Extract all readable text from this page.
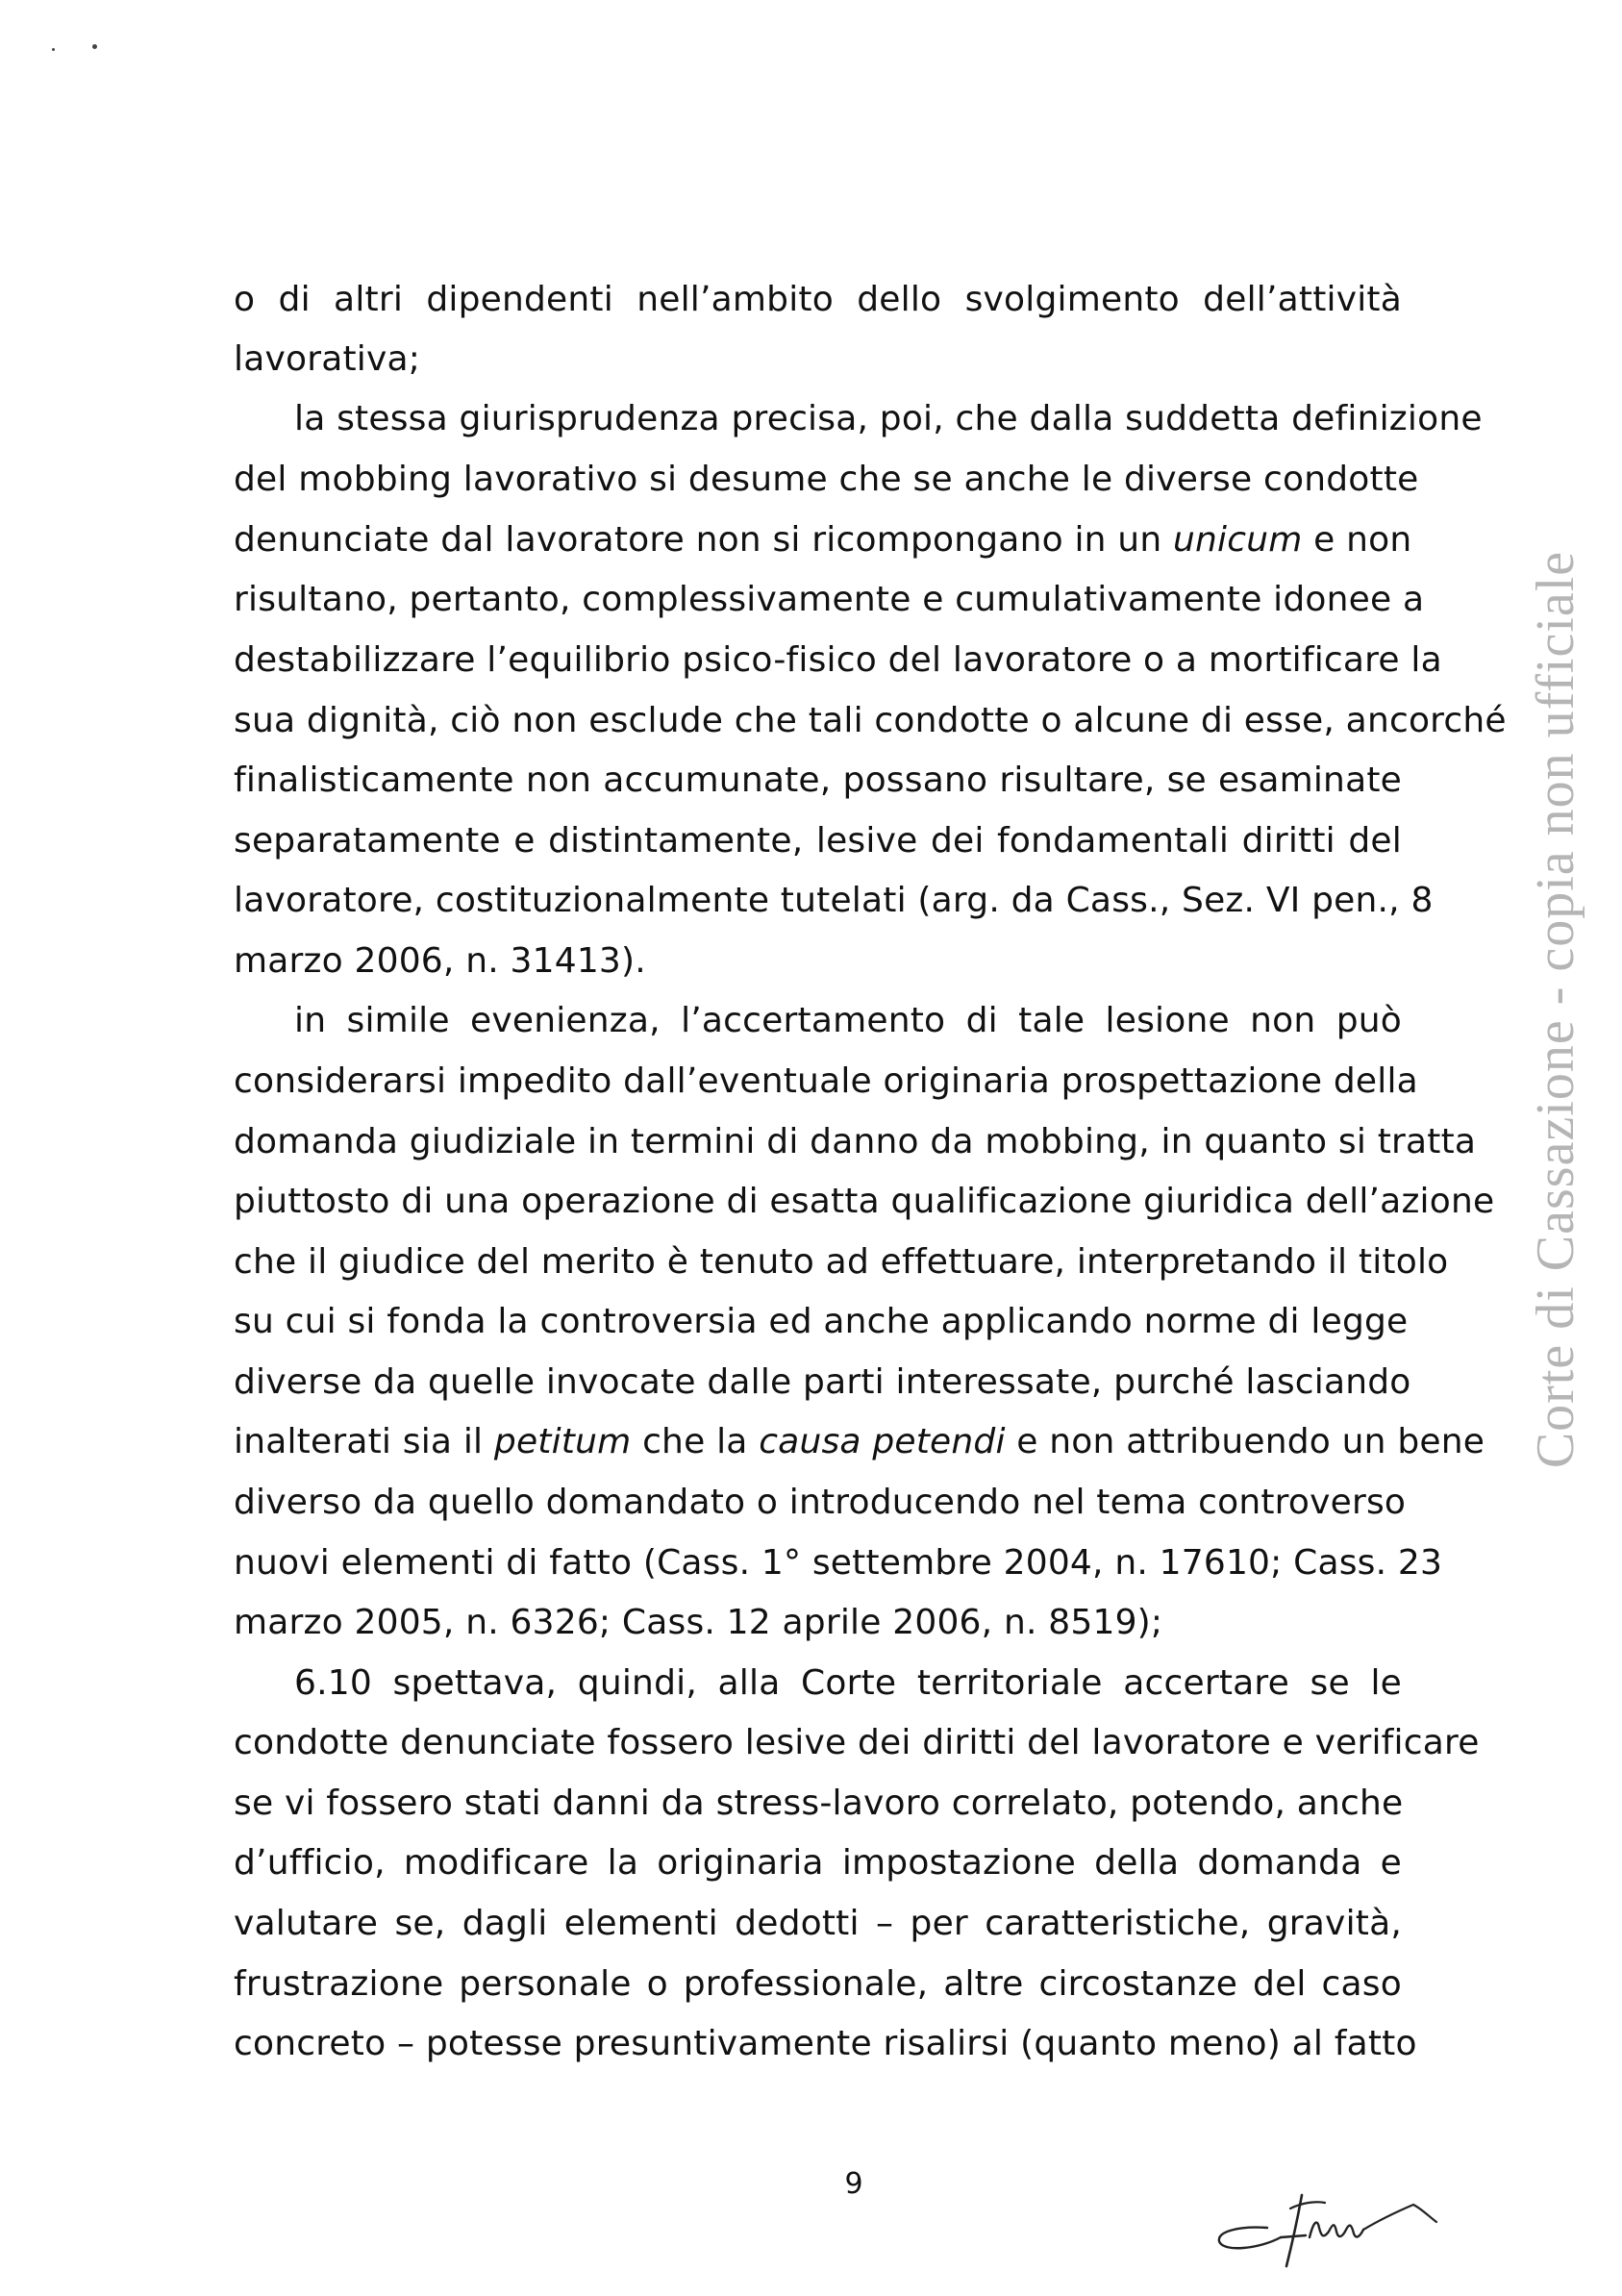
o di altri dipendenti nell’ambito dello svolgimento dell’attività
lavorativa;
la stessa giurisprudenza precisa, poi, che dalla suddetta definizione
del mobbing lavorativo si desume che se anche le diverse condotte
denunciate dal lavoratore non si ricompongano in un unicum e non
risultano, pertanto, complessivamente e cumulativamente idonee a
destabilizzare l’equilibrio psico-fisico del lavoratore o a mortificare la
sua dignità, ciò non esclude che tali condotte o alcune di esse, ancorché
finalisticamente non accumunate, possano risultare, se esaminate
separatamente e distintamente, lesive dei fondamentali diritti del
lavoratore, costituzionalmente tutelati (arg. da Cass., Sez. VI pen., 8
marzo 2006, n. 31413).
in simile evenienza, l’accertamento di tale lesione non può
considerarsi impedito dall’eventuale originaria prospettazione della
domanda giudiziale in termini di danno da mobbing, in quanto si tratta
piuttosto di una operazione di esatta qualificazione giuridica dell’azione
che il giudice del merito è tenuto ad effettuare, interpretando il titolo
su cui si fonda la controversia ed anche applicando norme di legge
diverse da quelle invocate dalle parti interessate, purché lasciando
inalterati sia il petitum che la causa petendi e non attribuendo un bene
diverso da quello domandato o introducendo nel tema controverso
nuovi elementi di fatto (Cass. 1° settembre 2004, n. 17610; Cass. 23
marzo 2005, n. 6326; Cass. 12 aprile 2006, n. 8519);
6.10 spettava, quindi, alla Corte territoriale accertare se le
condotte denunciate fossero lesive dei diritti del lavoratore e verificare
se vi fossero stati danni da stress-lavoro correlato, potendo, anche
d’ufficio, modificare la originaria impostazione della domanda e
valutare se, dagli elementi dedotti – per caratteristiche, gravità,
frustrazione personale o professionale, altre circostanze del caso
concreto – potesse presuntivamente risalirsi (quanto meno) al fatto
Corte di Cassazione - copia non ufficiale
9
